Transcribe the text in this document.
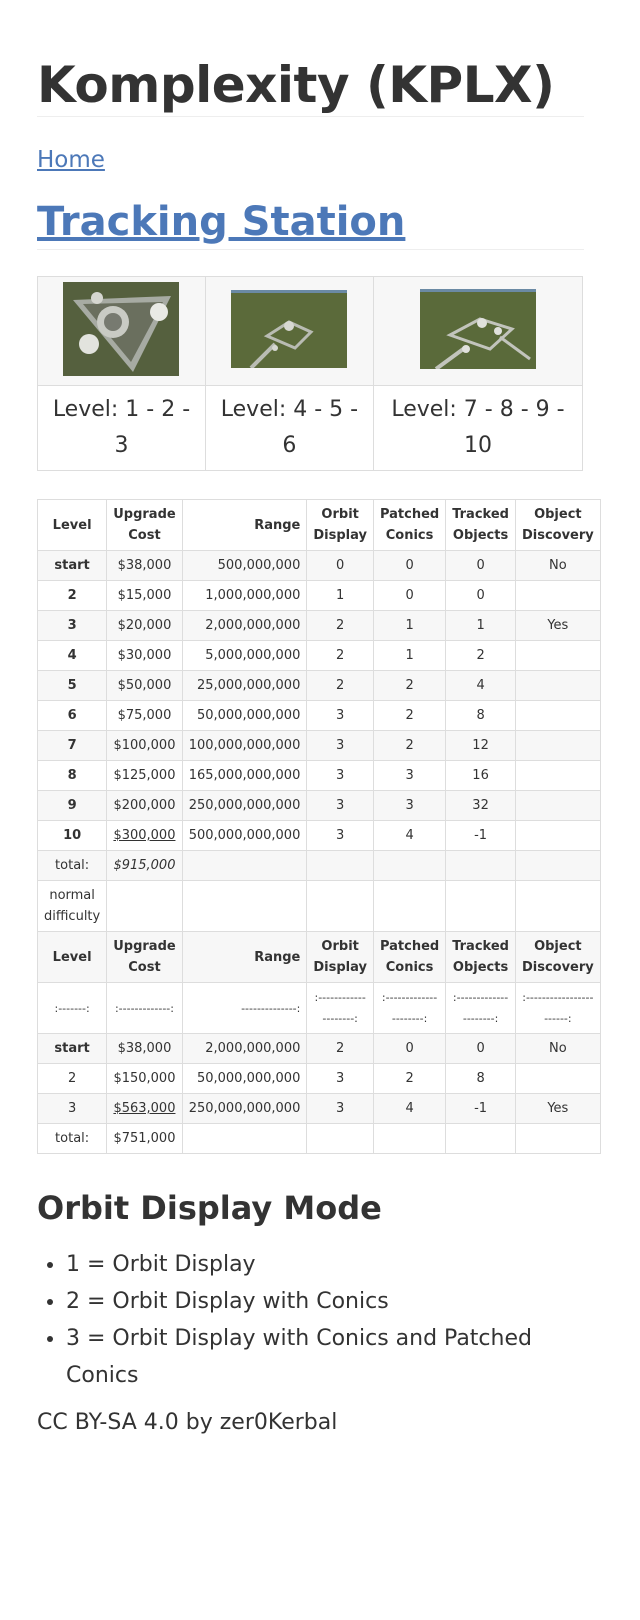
Komplexity (KPLX)
Home
Tracking Station

Level: 1 - 2 - 3	Level: 4 - 5 - 6	Level: 7 - 8 - 9 - 10
Level	Upgrade Cost	Range	Orbit Display	Patched Conics	Tracked Objects	Object Discovery
start	$38,000	500,000,000	0	0	0	No
2	$15,000	1,000,000,000	1	0	0	
3	$20,000	2,000,000,000	2	1	1	Yes
4	$30,000	5,000,000,000	2	1	2	
5	$50,000	25,000,000,000	2	2	4	
6	$75,000	50,000,000,000	3	2	8	
7	$100,000	100,000,000,000	3	2	12	
8	$125,000	165,000,000,000	3	3	16	
9	$200,000	250,000,000,000	3	3	32	
10	$300,000	500,000,000,000	3	4	-1	
total:	$915,000					
normal difficulty						
Level	Upgrade Cost	Range	Orbit Display	Patched Conics	Tracked Objects	Object Discovery
:-------:	:-------------:	--------------:	:--------------------:	:---------------------:	:---------------------:	:-----------------------:
start	$38,000	2,000,000,000	2	0	0	No
2	$150,000	50,000,000,000	3	2	8	
3	$563,000	250,000,000,000	3	4	-1	Yes
total:	$751,000					
Orbit Display Mode
• 1 = Orbit Display
• 2 = Orbit Display with Conics
• 3 = Orbit Display with Conics and Patched Conics
CC BY-SA 4.0 by zer0Kerbal
